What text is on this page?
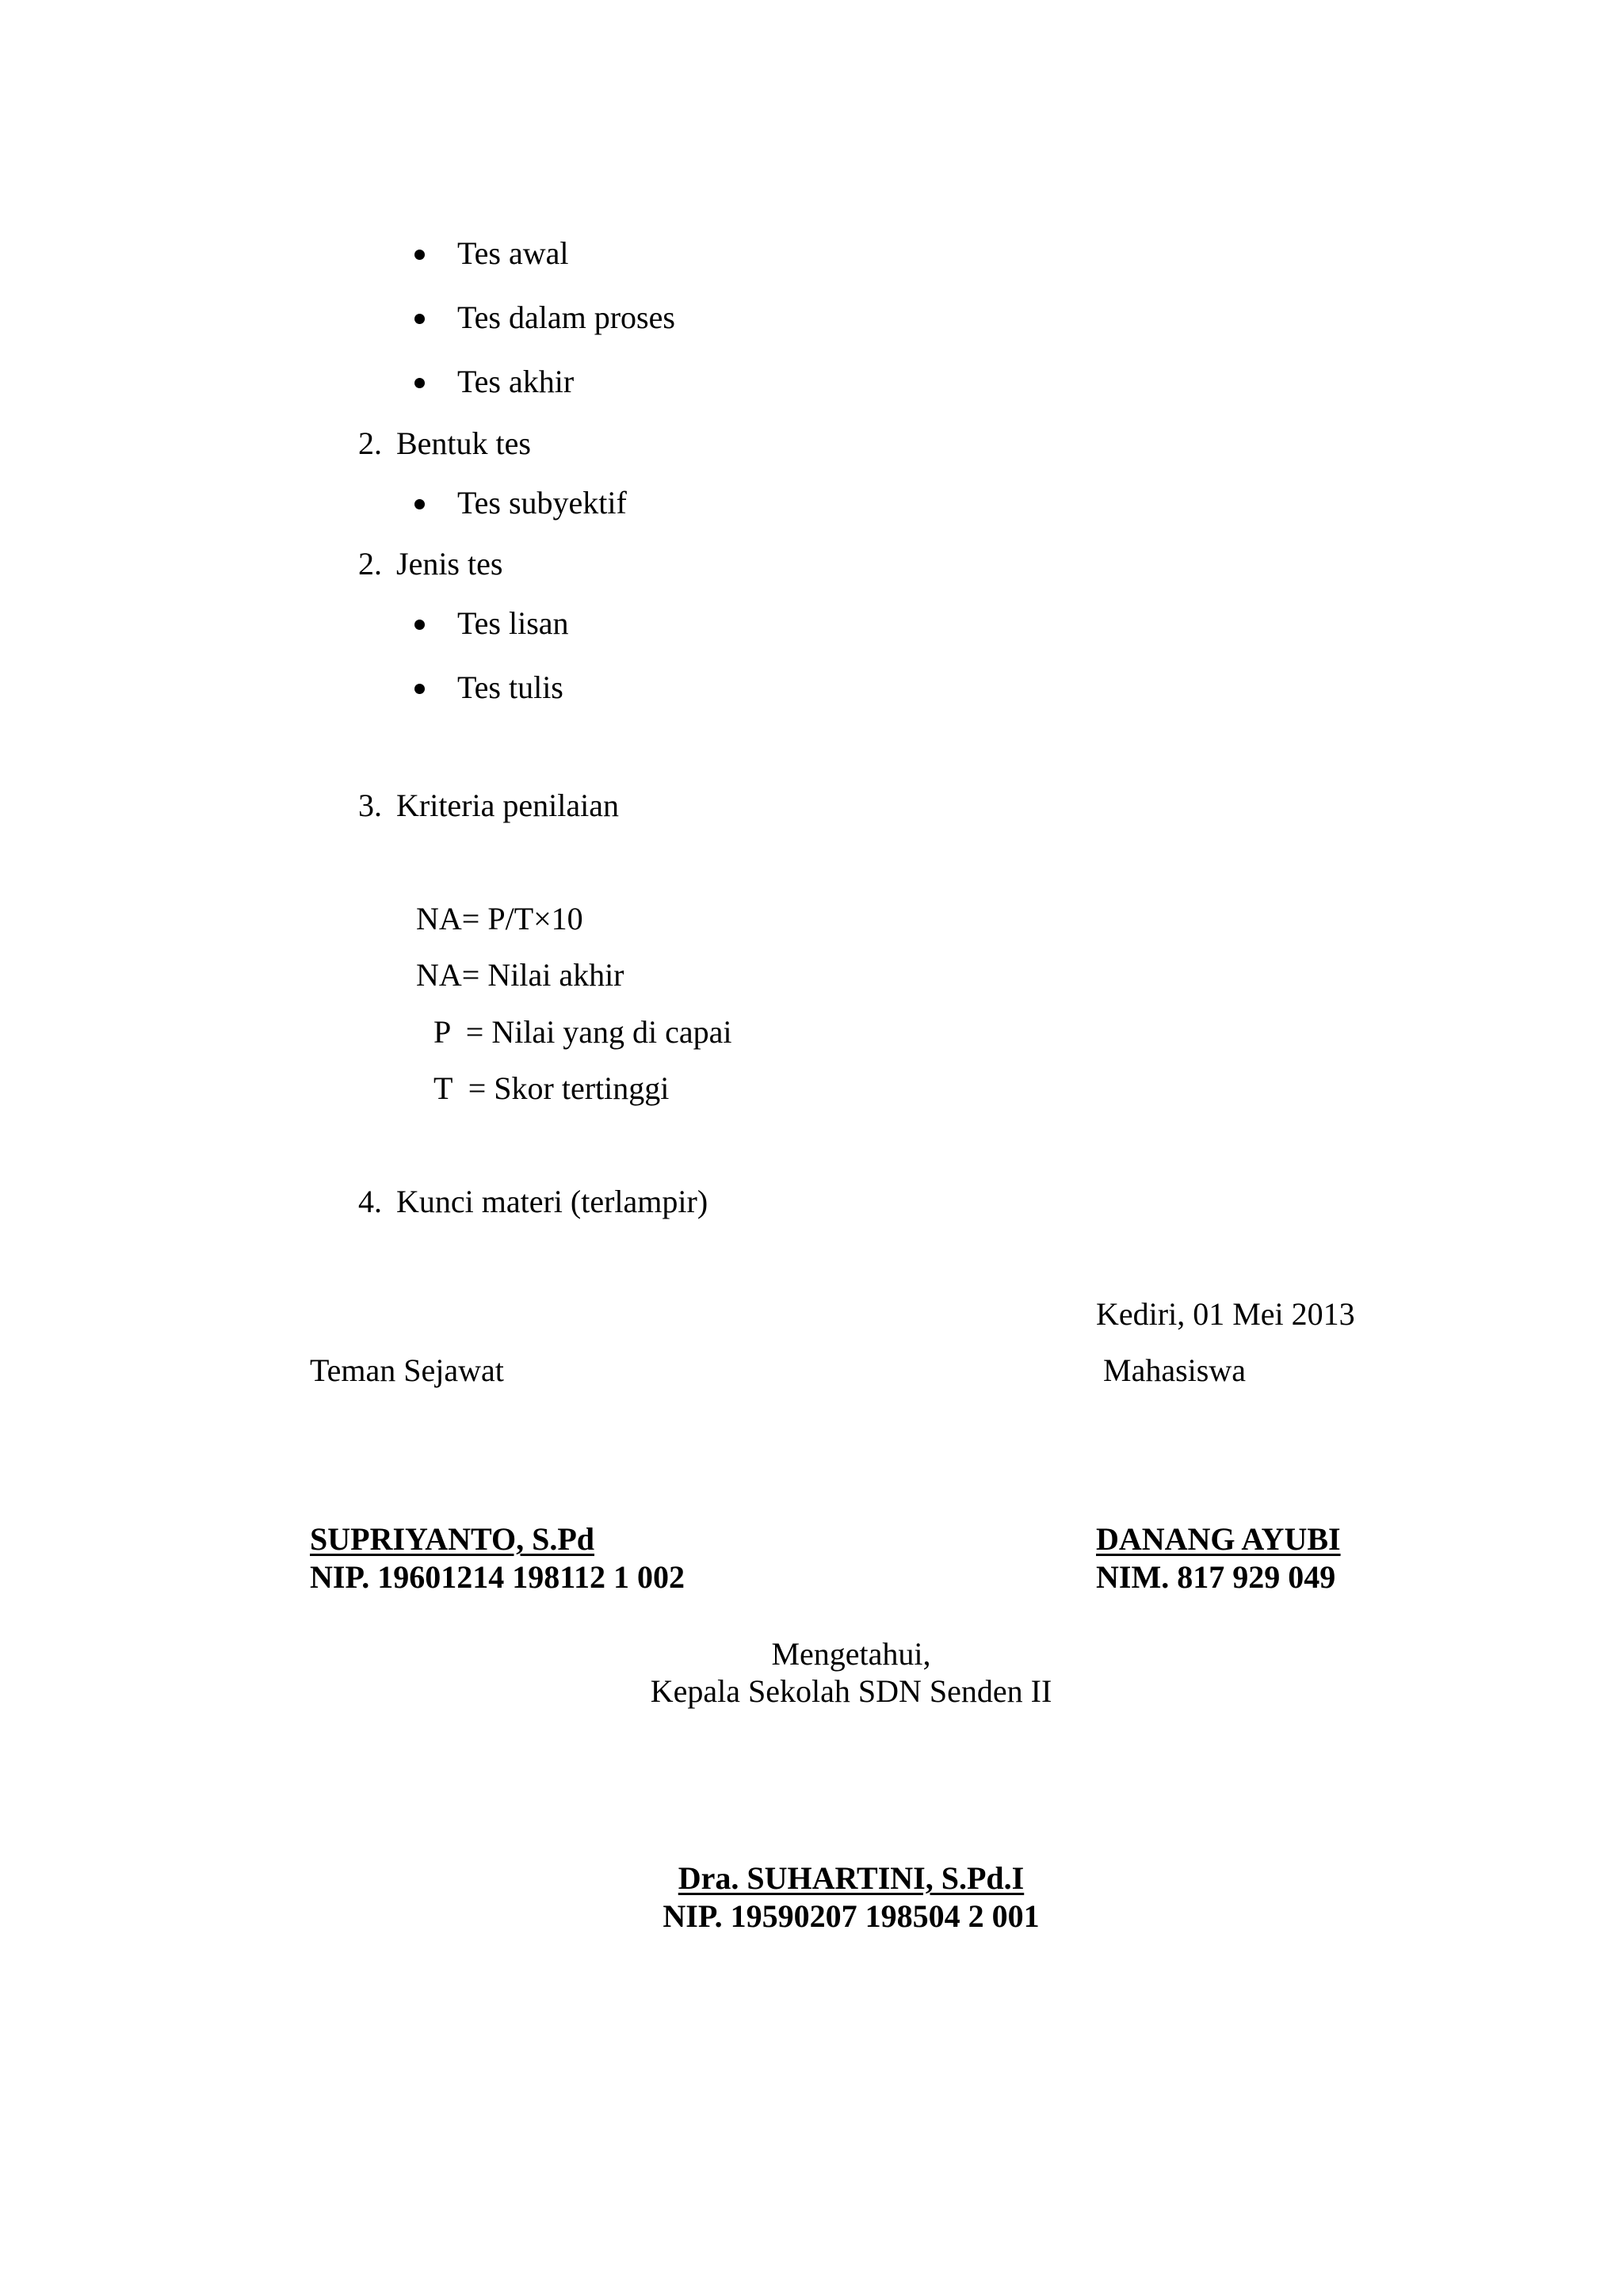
Tes awal
Tes dalam proses
Tes akhir
2. Bentuk tes
Tes subyektif
2. Jenis tes
Tes lisan
Tes tulis
3. Kriteria penilaian
NA= P/T×10
NA= Nilai akhir
P  = Nilai yang di capai
T  = Skor tertinggi
4. Kunci materi (terlampir)
Kediri, 01 Mei 2013
Teman Sejawat	Mahasiswa
SUPRIYANTO, S.Pd
NIP. 19601214 198112 1 002
DANANG AYUBI
NIM. 817 929 049
Mengetahui,
Kepala Sekolah SDN Senden II
Dra. SUHARTINI, S.Pd.I
NIP. 19590207 198504 2 001
